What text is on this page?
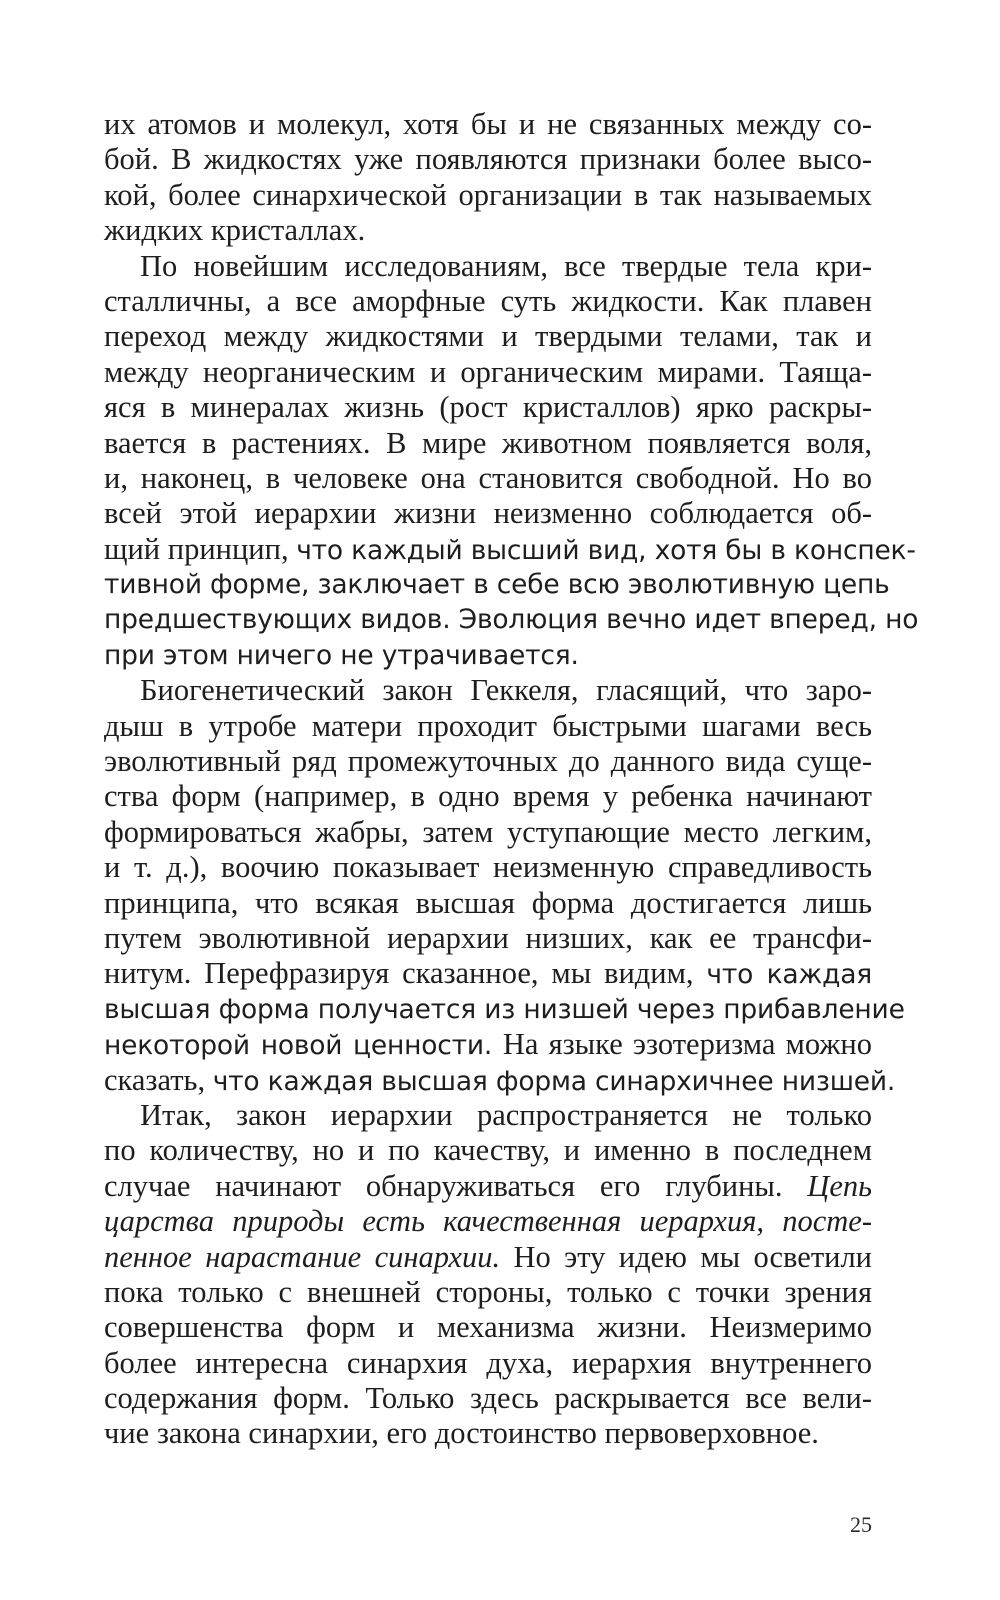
их атомов и молекул, хотя бы и не связанных между со-
бой. В жидкостях уже появляются признаки более высо-
кой, более синархической организации в так называемых
жидких кристаллах.
По новейшим исследованиям, все твердые тела кри-
сталличны, а все аморфные суть жидкости. Как плавен
переход между жидкостями и твердыми телами, так и
между неорганическим и органическим мирами. Таяща-
яся в минералах жизнь (рост кристаллов) ярко раскры-
вается в растениях. В мире животном появляется воля,
и, наконец, в человеке она становится свободной. Но во
всей этой иерархии жизни неизменно соблюдается об-
щий принцип, что каждый высший вид, хотя бы в конспек-
тивной форме, заключает в себе всю эволютивную цепь
предшествующих видов. Эволюция вечно идет вперед, но
при этом ничего не утрачивается.
Биогенетический закон Геккеля, гласящий, что заро-
дыш в утробе матери проходит быстрыми шагами весь
эволютивный ряд промежуточных до данного вида суще-
ства форм (например, в одно время у ребенка начинают
формироваться жабры, затем уступающие место легким,
и т. д.), воочию показывает неизменную справедливость
принципа, что всякая высшая форма достигается лишь
путем эволютивной иерархии низших, как ее трансфи-
нитум. Перефразируя сказанное, мы видим, что каждая
высшая форма получается из низшей через прибавление
некоторой новой ценности. На языке эзотеризма можно
сказать, что каждая высшая форма синархичнее низшей.
Итак, закон иерархии распространяется не только
по количеству, но и по качеству, и именно в последнем
случае начинают обнаруживаться его глубины. Цепь
царства природы есть качественная иерархия, посте-
пенное нарастание синархии. Но эту идею мы осветили
пока только с внешней стороны, только с точки зрения
совершенства форм и механизма жизни. Неизмеримо
более интересна синархия духа, иерархия внутреннего
содержания форм. Только здесь раскрывается все вели-
чие закона синархии, его достоинство первоверховное.
25
